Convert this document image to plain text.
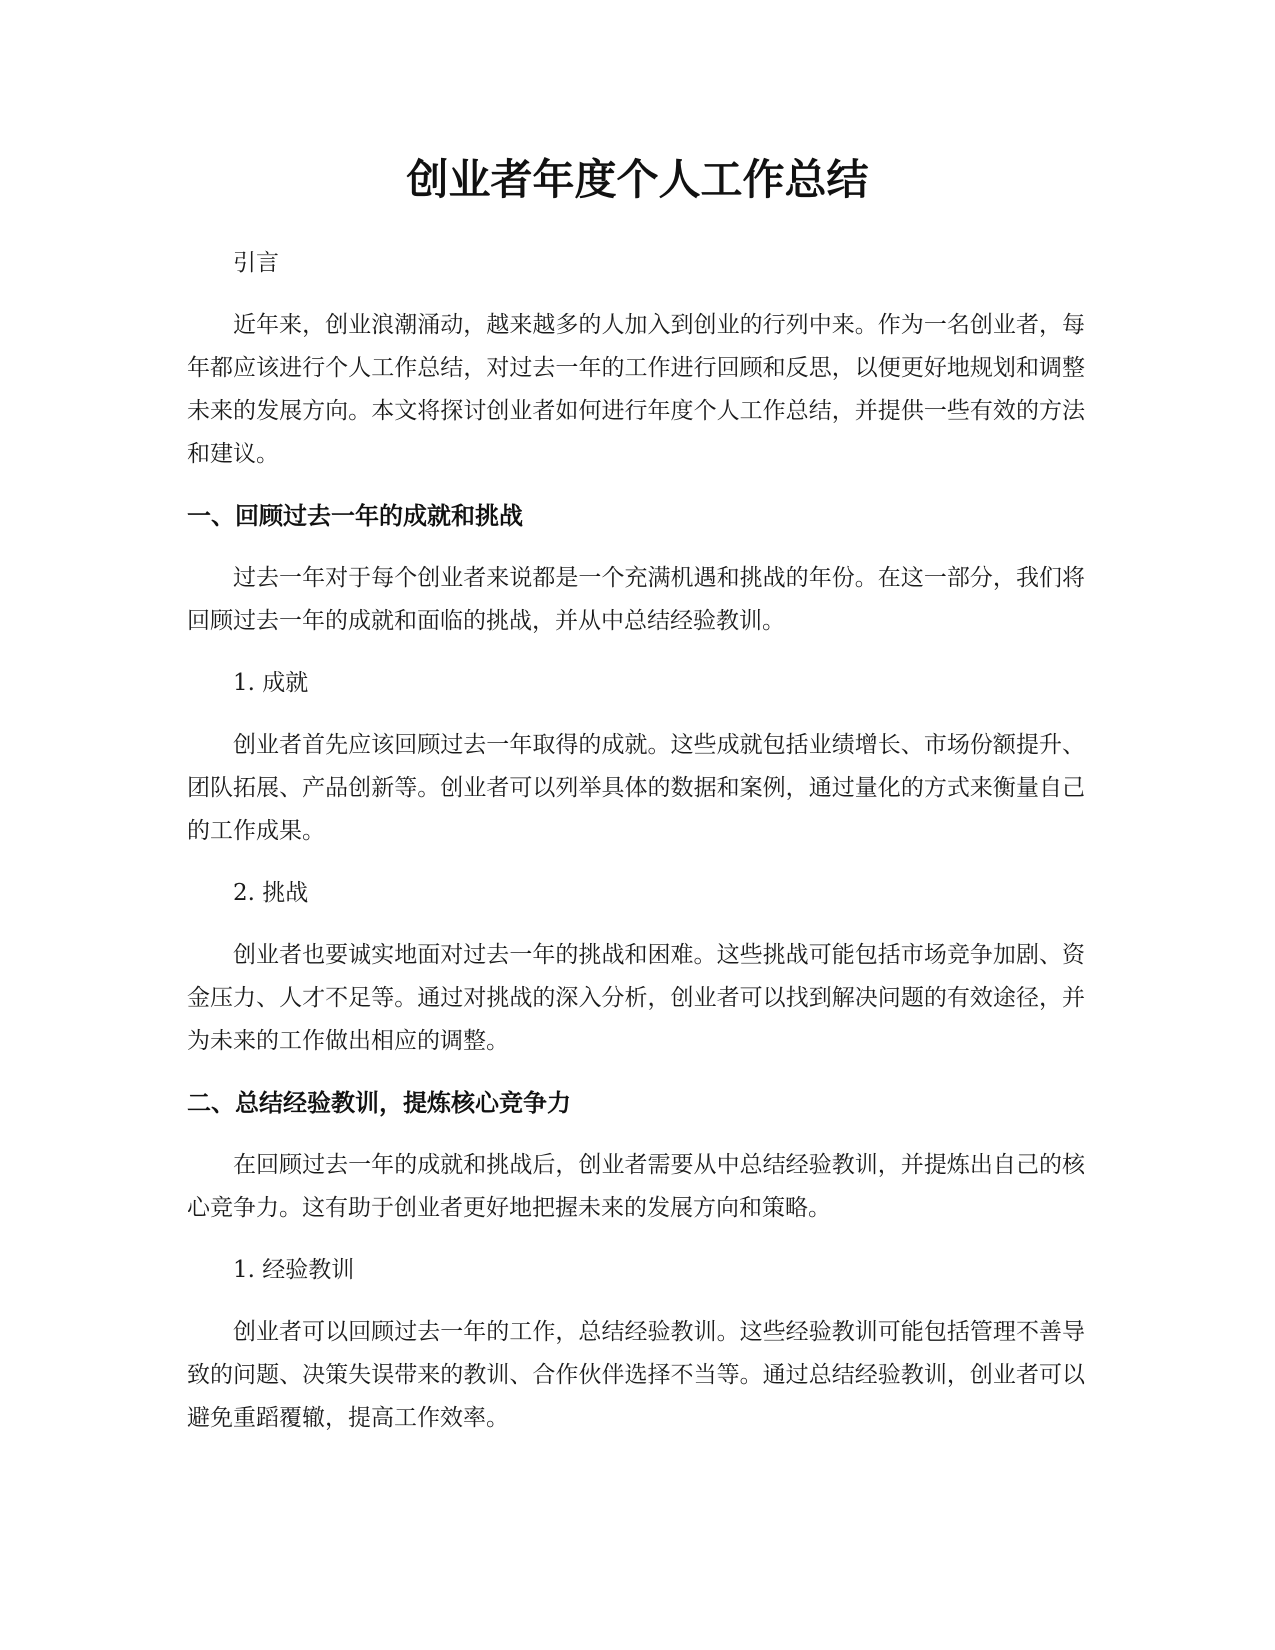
创业者年度个人工作总结

引言

近年来，创业浪潮涌动，越来越多的人加入到创业的行列中来。作为一名创业者，每年都应该进行个人工作总结，对过去一年的工作进行回顾和反思，以便更好地规划和调整未来的发展方向。本文将探讨创业者如何进行年度个人工作总结，并提供一些有效的方法和建议。

一、回顾过去一年的成就和挑战

过去一年对于每个创业者来说都是一个充满机遇和挑战的年份。在这一部分，我们将回顾过去一年的成就和面临的挑战，并从中总结经验教训。

1. 成就

创业者首先应该回顾过去一年取得的成就。这些成就包括业绩增长、市场份额提升、团队拓展、产品创新等。创业者可以列举具体的数据和案例，通过量化的方式来衡量自己的工作成果。

2. 挑战

创业者也要诚实地面对过去一年的挑战和困难。这些挑战可能包括市场竞争加剧、资金压力、人才不足等。通过对挑战的深入分析，创业者可以找到解决问题的有效途径，并为未来的工作做出相应的调整。

二、总结经验教训，提炼核心竞争力

在回顾过去一年的成就和挑战后，创业者需要从中总结经验教训，并提炼出自己的核心竞争力。这有助于创业者更好地把握未来的发展方向和策略。

1. 经验教训

创业者可以回顾过去一年的工作，总结经验教训。这些经验教训可能包括管理不善导致的问题、决策失误带来的教训、合作伙伴选择不当等。通过总结经验教训，创业者可以避免重蹈覆辙，提高工作效率。
